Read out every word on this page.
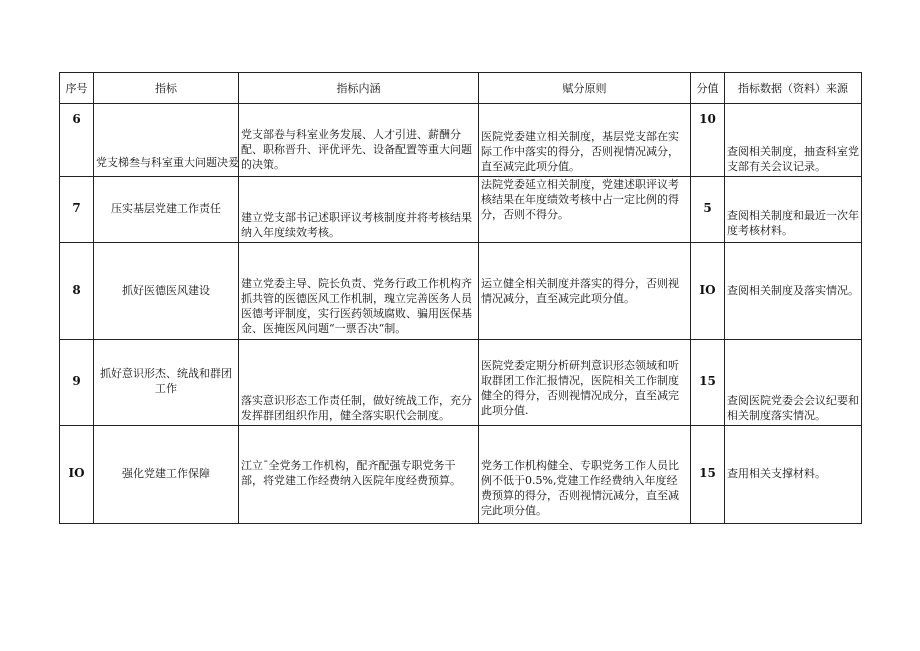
序号	指标	指标内涵	赋分原则	分值	指标数据（资料）来源
6	党支梯叁与科室重大问题决爰	党支部卷与科室业务发展、人才引进、薪酬分配、职称晋升、评优评先、设备配置等重大问题的决策。	医院党委建立相关制度，基层党支部在实际工作中落实的得分，否则视情况减分，直至减完此项分值。	10	查阅相关制度，抽查科室党支部有关会议记录。
7	压实基层党建工作责任	建立党支部书记述职评议考核制度并将考核结果纳入年度续效考核。	法院党委延立相关制度，党建述职评议考核结果在年度绩效考核中占一定比例的得分，否则不得分。	5	查阅相关制度和最近一次年度考核材料。
8	抓好医德医风建设	建立党委主导、院长负责、党务行政工作机构齐抓共管的医德医风工作机制，瑰立完善医务人员医德考评制度，实行医药领域腐败、骗用医保基金、医掩医风问题“一票否决“制。	运立健全相关制度并落实的得分，否则视情况减分，直至减完此项分值。	IO	查阅相关制度及落实情况。
9	抓好意识形杰、统战和群团工作	落实意识形态工作责任制，做好统战工作，充分发挥群团组织作用，健全落实职代会制度。	医院党委定期分析研判意识形态领域和听取群团工作汇报情况，医院相关工作制度健全的得分，否则视情况成分，直至减完此项分值.	15	查阅医院党委会会议纪要和相关制度落实情况。
IO	强化党建工作保障	江立ˉ全党务工作机构，配齐配强专职党务干部，将党建工作经费纳入医院年度经费预算。	党务工作机构健全、专职党务工作人员比例不低于0.5%,党建工作经费纳入年度经费预算的得分，否则视情沅减分，直至减完此项分值。	15	查用相关支撑材料。
